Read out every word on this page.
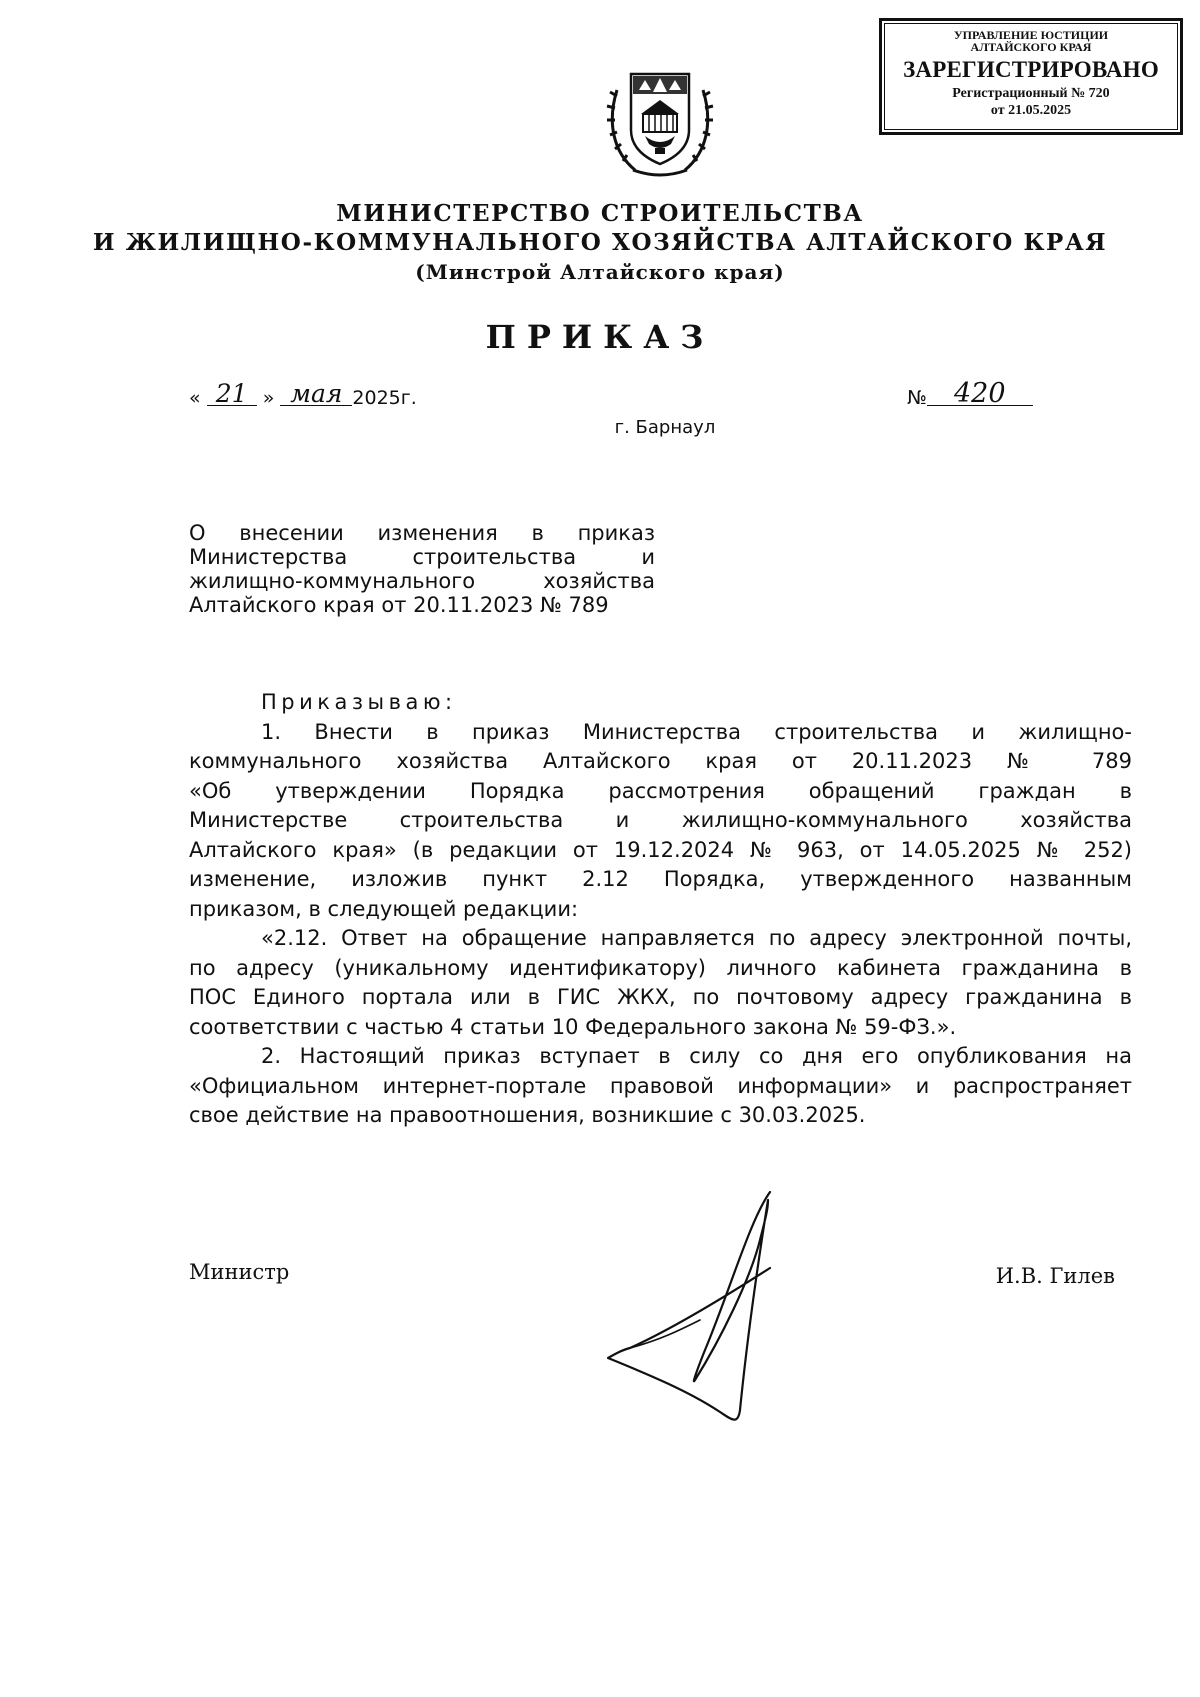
УПРАВЛЕНИЕ ЮСТИЦИИ
АЛТАЙСКОГО КРАЯ
ЗАРЕГИСТРИРОВАНО
Регистрационный № 720
от 21.05.2025
МИНИСТЕРСТВО СТРОИТЕЛЬСТВА
И ЖИЛИЩНО-КОММУНАЛЬНОГО ХОЗЯЙСТВА АЛТАЙСКОГО КРАЯ
(Минстрой Алтайского края)
ПРИКАЗ
« 21 » мая 2025г.	№ 420
г. Барнаул
О внесении изменения в приказ
Министерства строительства и
жилищно-коммунального хозяйства
Алтайского края от 20.11.2023 № 789
Приказываю:
1. Внести в приказ Министерства строительства и жилищно-
коммунального хозяйства Алтайского края от 20.11.2023 № 789
«Об утверждении Порядка рассмотрения обращений граждан в
Министерстве строительства и жилищно-коммунального хозяйства
Алтайского края» (в редакции от 19.12.2024 № 963, от 14.05.2025 № 252)
изменение, изложив пункт 2.12 Порядка, утвержденного названным
приказом, в следующей редакции:
«2.12. Ответ на обращение направляется по адресу электронной почты,
по адресу (уникальному идентификатору) личного кабинета гражданина в
ПОС Единого портала или в ГИС ЖКХ, по почтовому адресу гражданина в
соответствии с частью 4 статьи 10 Федерального закона № 59-ФЗ.».
2. Настоящий приказ вступает в силу со дня его опубликования на
«Официальном интернет-портале правовой информации» и распространяет
свое действие на правоотношения, возникшие с 30.03.2025.
Министр	И.В. Гилев
